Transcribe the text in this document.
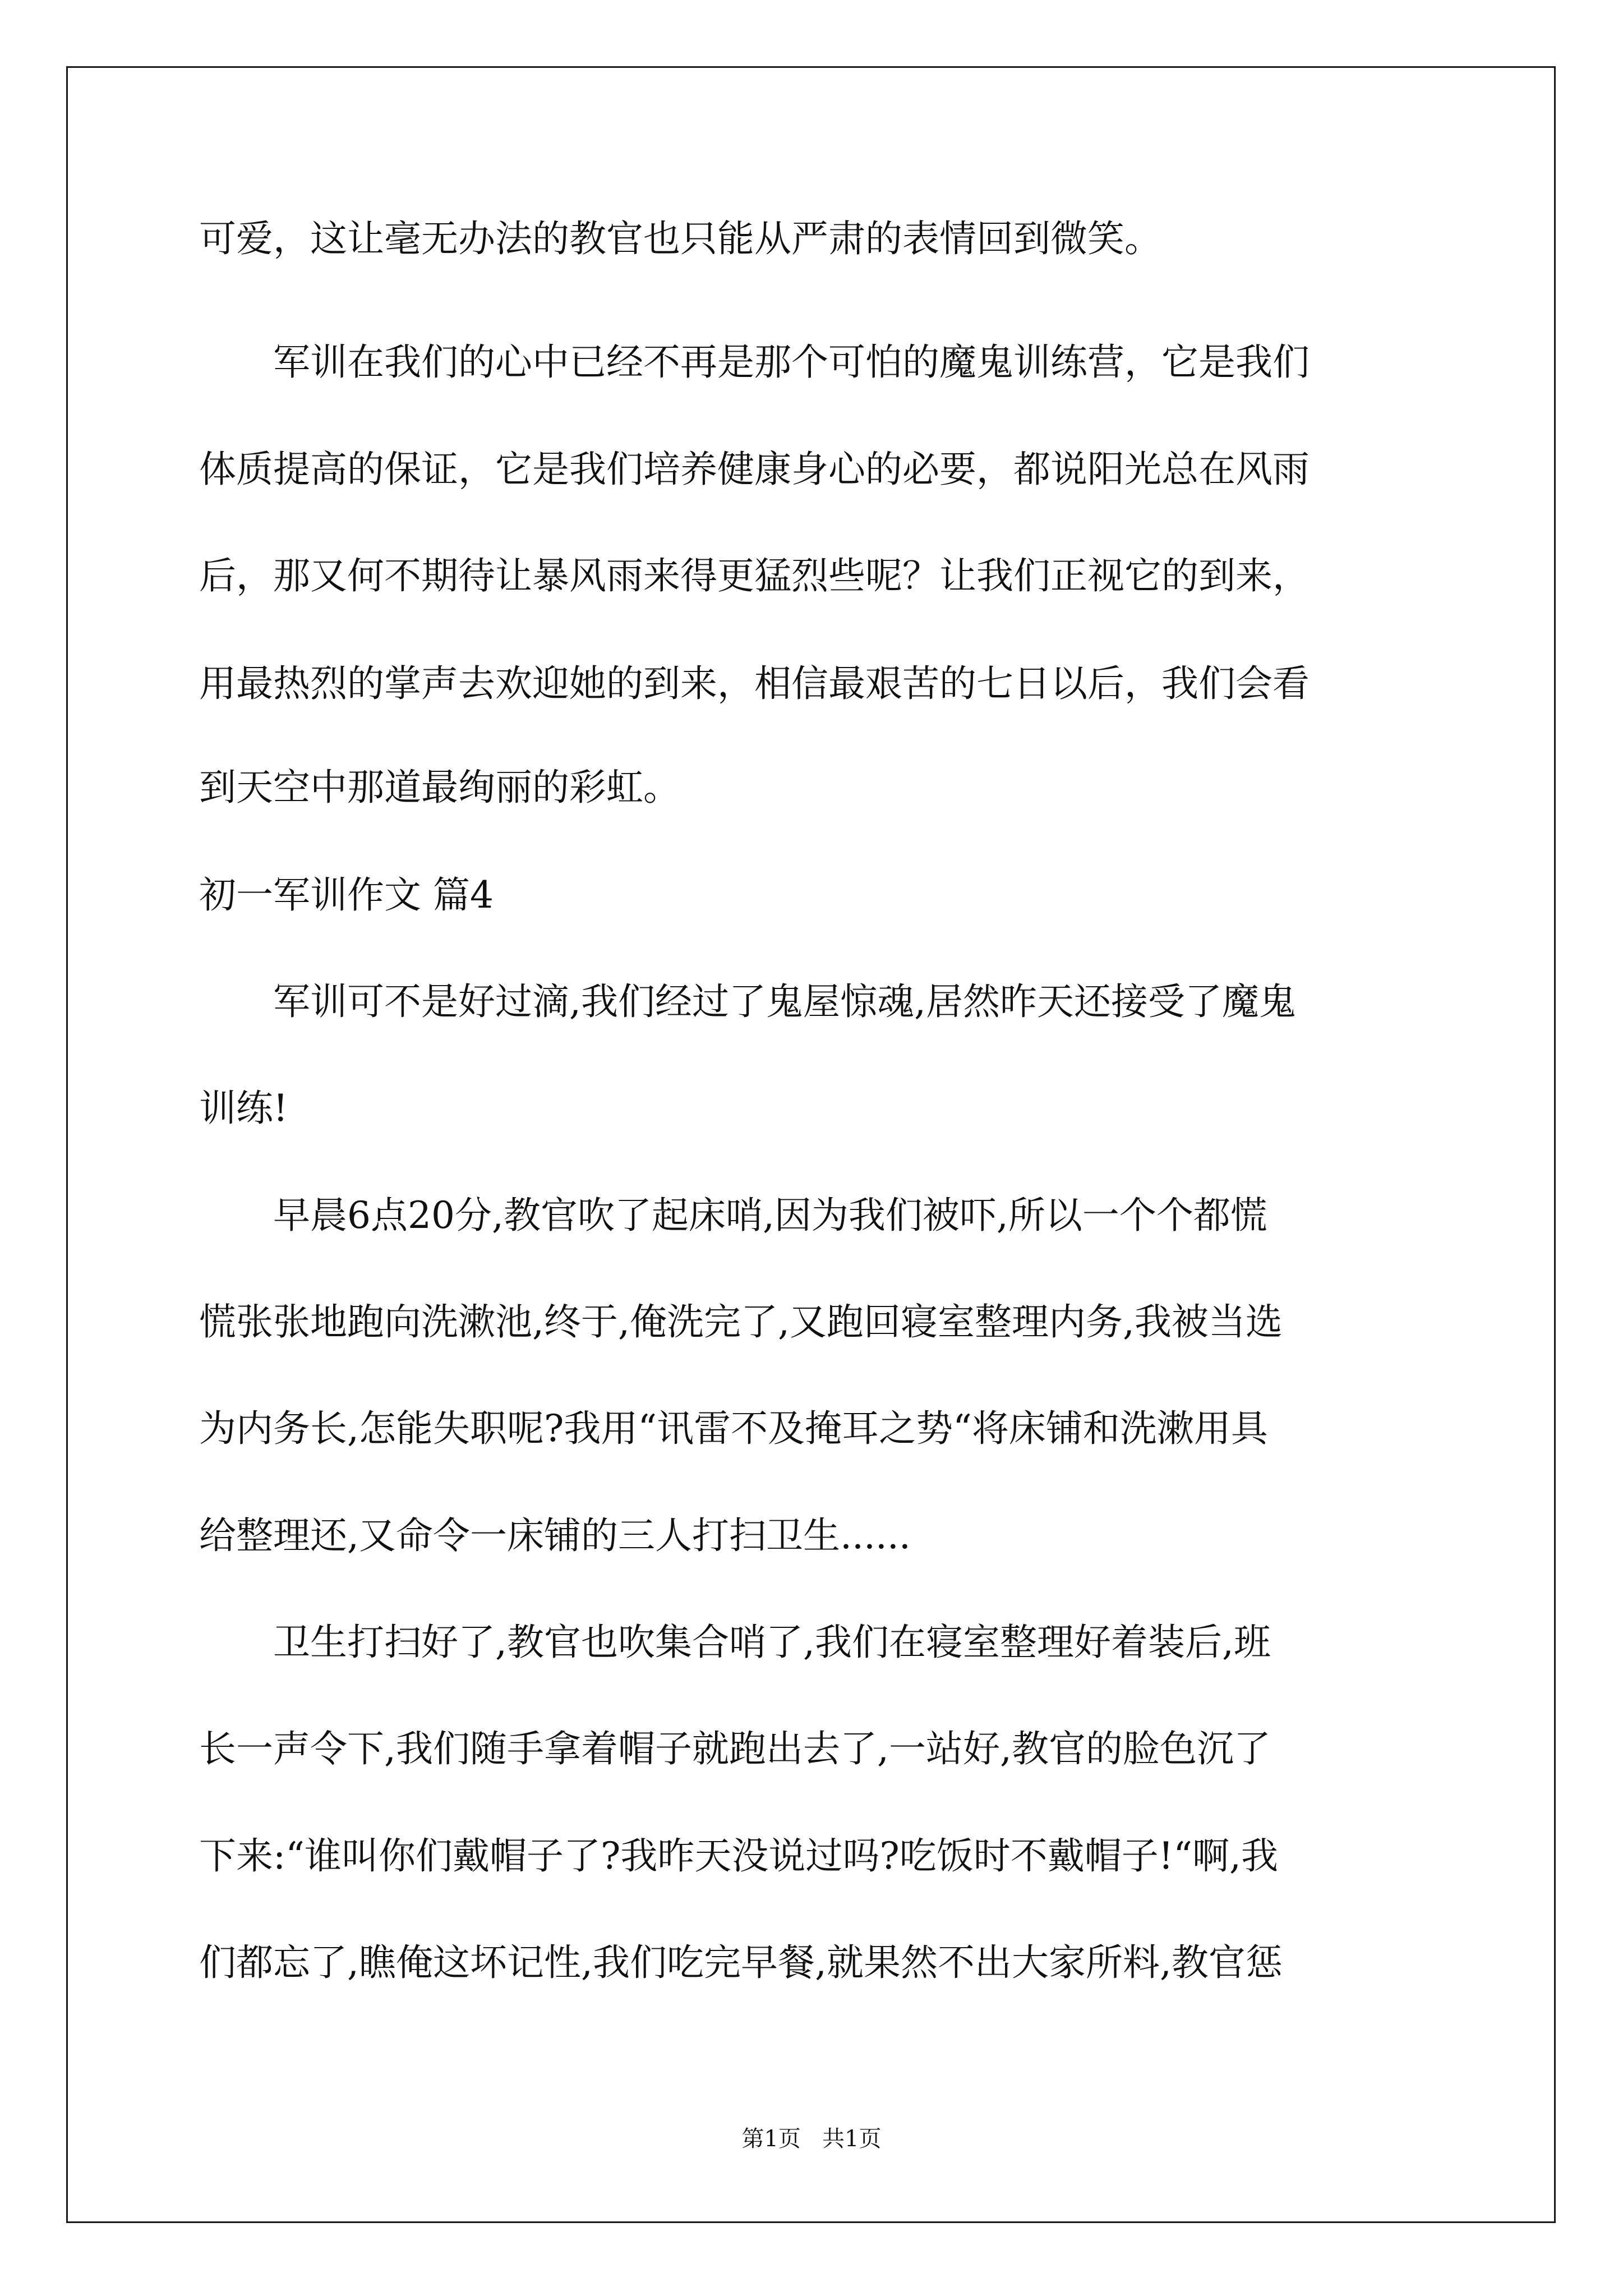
可爱，这让毫无办法的教官也只能从严肃的表情回到微笑。
　　军训在我们的心中已经不再是那个可怕的魔鬼训练营，它是我们
体质提高的保证，它是我们培养健康身心的必要，都说阳光总在风雨
后，那又何不期待让暴风雨来得更猛烈些呢？让我们正视它的到来，
用最热烈的掌声去欢迎她的到来，相信最艰苦的七日以后，我们会看
到天空中那道最绚丽的彩虹。
初一军训作文 篇4
　　军训可不是好过滴,我们经过了鬼屋惊魂,居然昨天还接受了魔鬼
训练!
　　早晨6点20分,教官吹了起床哨,因为我们被吓,所以一个个都慌
慌张张地跑向洗漱池,终于,俺洗完了,又跑回寝室整理内务,我被当选
为内务长,怎能失职呢?我用“讯雷不及掩耳之势“将床铺和洗漱用具
给整理还,又命令一床铺的三人打扫卫生......
　　卫生打扫好了,教官也吹集合哨了,我们在寝室整理好着装后,班
长一声令下,我们随手拿着帽子就跑出去了,一站好,教官的脸色沉了
下来:“谁叫你们戴帽子了?我昨天没说过吗?吃饭时不戴帽子!“啊,我
们都忘了,瞧俺这坏记性,我们吃完早餐,就果然不出大家所料,教官惩
第1页   共1页
